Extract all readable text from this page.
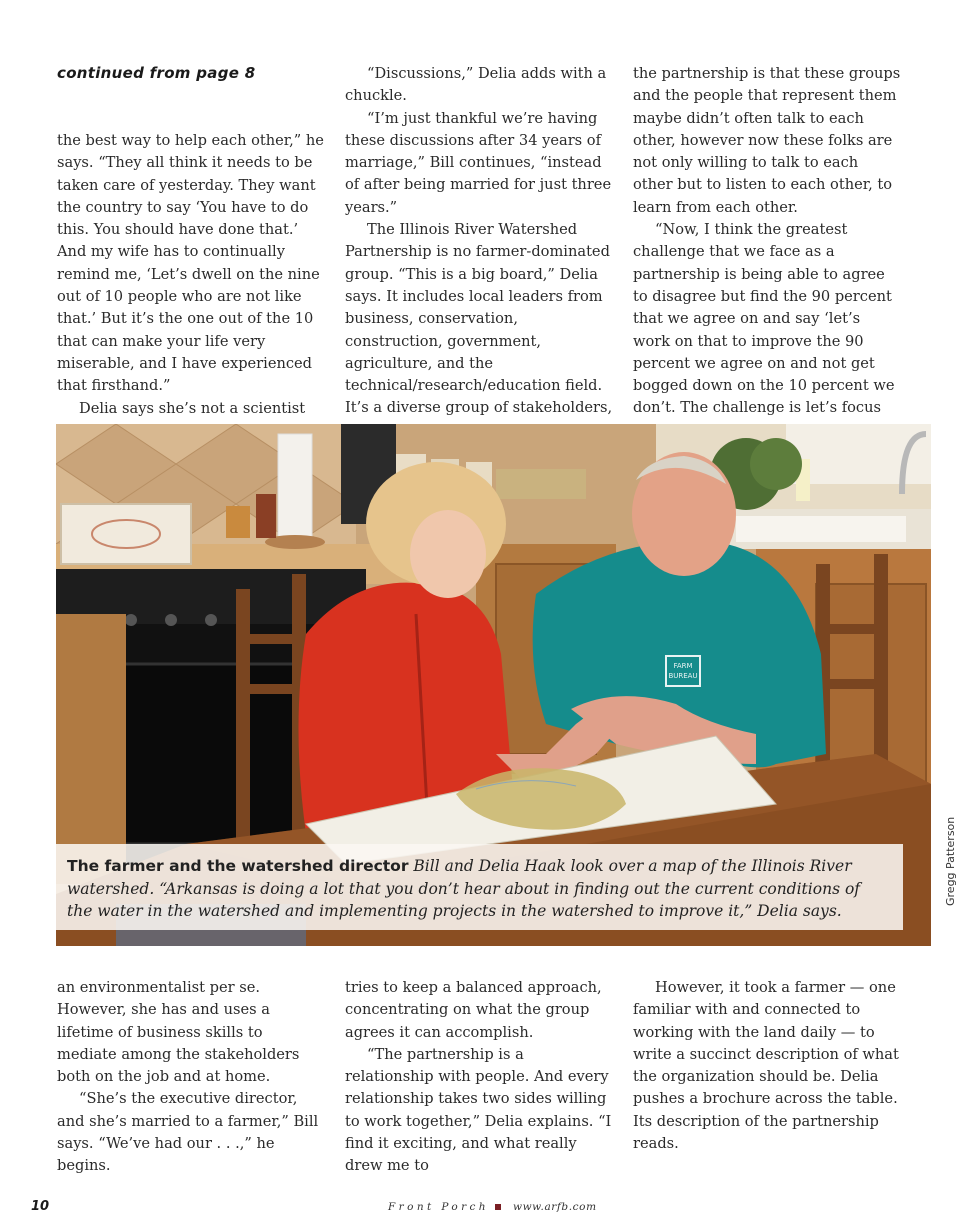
continued from page 8

the best way to help each other,” he says. “They all think it needs to be taken care of yesterday. They want the country to say ‘You have to do this. You should have done that.’ And my wife has to continually remind me, ‘Let’s dwell on the nine out of 10 people who are not like that.’ But it’s the one out of the 10 that can make your life very miserable, and I have experienced that firsthand.”

Delia says she’s not a scientist

“Discussions,” Delia adds with a chuckle.

“I’m just thankful we’re having these discussions after 34 years of marriage,” Bill continues, “instead of after being married for just three years.”

The Illinois River Watershed Partnership is no farmer-dominated group. “This is a big board,” Delia says. It includes local leaders from business, conservation, construction, government, agriculture, and the technical/research/education field. It’s a diverse group of stakeholders,

the partnership is that these groups and the people that represent them maybe didn’t often talk to each other, however now these folks are not only willing to talk to each other but to listen to each other, to learn from each other.

“Now, I think the greatest challenge that we face as a partnership is being able to agree to disagree but find the 90 percent that we agree on and say ‘let’s work on that to improve the 90 percent we agree on and not get bogged down on the 10 percent we don’t. The challenge is let’s focus

FARM
BUREAU
The farmer and the watershed director Bill and Delia Haak look over a map of the Illinois River watershed. “Arkansas is doing a lot that you don’t hear about in finding out the current conditions of the water in the watershed and implementing projects in the watershed to improve it,” Delia says.
Gregg Patterson

an environmentalist per se. However, she has and uses a lifetime of business skills to mediate among the stakeholders both on the job and at home.

“She’s the executive director, and she’s married to a farmer,” Bill says. “We’ve had our . . .,” he begins.

tries to keep a balanced approach, concentrating on what the group agrees it can accomplish.

“The partnership is a relationship with people. And every relationship takes two sides willing to work together,” Delia explains. “I find it exciting, and what really drew me to

However, it took a farmer — one familiar with and connected to working with the land daily — to write a succinct description of what the organization should be. Delia pushes a brochure across the table. Its description of the partnership reads.

10	Front Porch www.arfb.com
